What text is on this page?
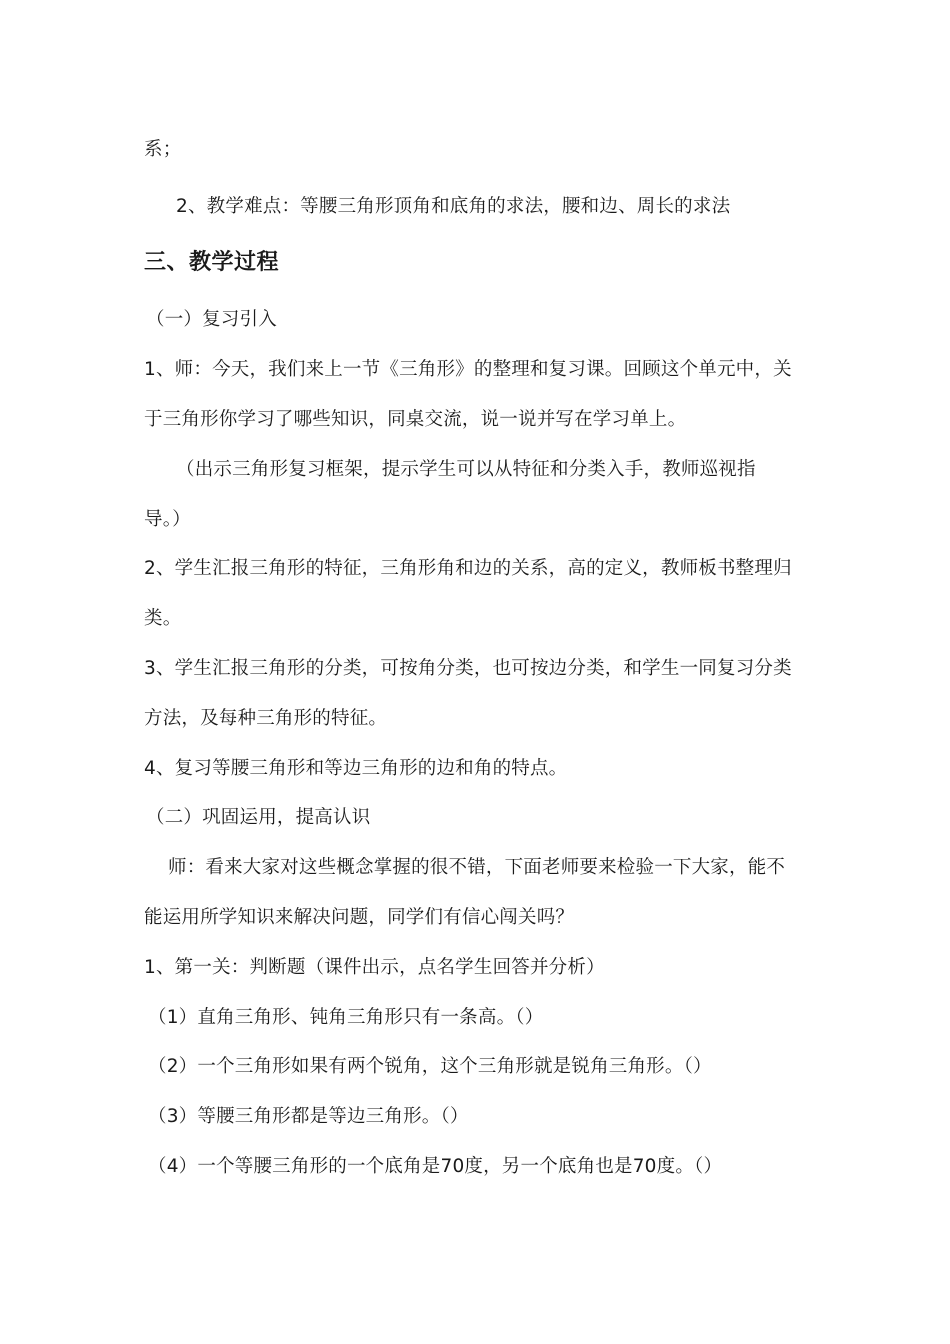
系；
2、教学难点：等腰三角形顶角和底角的求法，腰和边、周长的求法
三、教学过程
（一）复习引入
1、师：今天，我们来上一节《三角形》的整理和复习课。回顾这个单元中，关
于三角形你学习了哪些知识，同桌交流，说一说并写在学习单上。
（出示三角形复习框架，提示学生可以从特征和分类入手，教师巡视指
导。）
2、学生汇报三角形的特征，三角形角和边的关系，高的定义，教师板书整理归
类。
3、学生汇报三角形的分类，可按角分类，也可按边分类，和学生一同复习分类
方法，及每种三角形的特征。
4、复习等腰三角形和等边三角形的边和角的特点。
（二）巩固运用，提高认识
师：看来大家对这些概念掌握的很不错，下面老师要来检验一下大家，能不
能运用所学知识来解决问题，同学们有信心闯关吗？
1、第一关：判断题（课件出示，点名学生回答并分析）
（1）直角三角形、钝角三角形只有一条高。（）
（2）一个三角形如果有两个锐角，这个三角形就是锐角三角形。（）
（3）等腰三角形都是等边三角形。（）
（4）一个等腰三角形的一个底角是70度，另一个底角也是70度。（）
